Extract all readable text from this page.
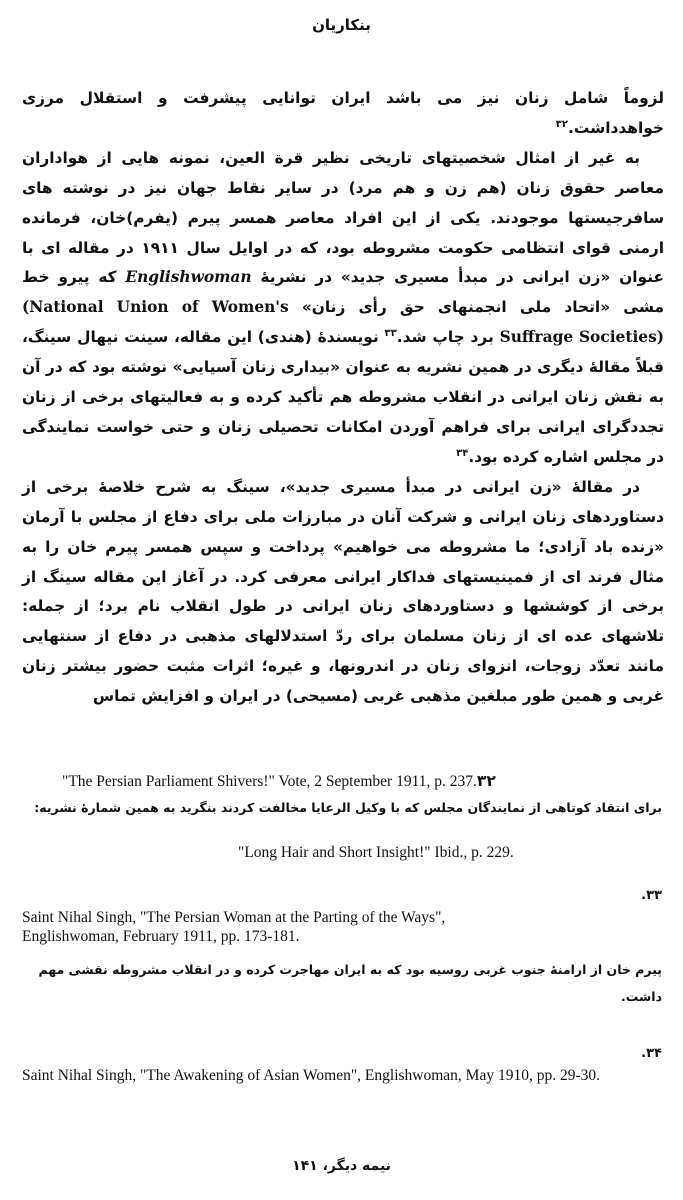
بنکاریان

لزوماً شامل زنان نیز می باشد ایران توانایی پیشرفت و استقلال مرزی خواهدداشت.$^{۳۲}$

به غیر از امثال شخصیتهای تاریخی نظیر قرة العین، نمونه هایی از هواداران معاصر حقوق زنان (هم زن و هم مرد) در سایر نقاط جهان نیز در نوشته های سافرجیستها موجودند. یکی از این افراد معاصر همسر پیرم (یفرم)خان، فرمانده ارمنی قوای انتظامی حکومت مشروطه بود، که در اوایل سال ۱۹۱۱ در مقاله ای با عنوان «زن ایرانی در مبدأ مسیری جدید» در نشریهٔ Englishwoman که پیرو خط مشی «اتحاد ملی انجمنهای حق رأی زنان» (National Union of Women's Suffrage Societies) برد چاپ شد.$^{۳۳}$ نویسندهٔ (هندی) این مقاله، سینت نیهال سینگ، قبلاً مقالهٔ دیگری در همین نشریه به عنوان «بیداری زنان آسیایی» نوشته بود که در آن به نقش زنان ایرانی در انقلاب مشروطه هم تأکید کرده و به فعالیتهای برخی از زنان تجددگرای ایرانی برای فراهم آوردن امکانات تحصیلی زنان و حتی خواست نمایندگی در مجلس اشاره کرده بود.$^{۳۴}$

در مقالهٔ «زن ایرانی در مبدأ مسیری جدید»، سینگ به شرح خلاصهٔ برخی از دستاوردهای زنان ایرانی و شرکت آنان در مبارزات ملی برای دفاع از مجلس با آرمان «زنده باد آزادی؛ ما مشروطه می خواهیم» پرداخت و سپس همسر پیرم خان را به مثال فرند ای از فمینیستهای فداکار ایرانی معرفی کرد. در آغاز این مقاله سینگ از برخی از کوششها و دستاوردهای زنان ایرانی در طول انقلاب نام برد؛ از جمله: تلاشهای عده ای از زنان مسلمان برای ردّ استدلالهای مذهبی در دفاع از سنتهایی مانند تعدّد زوجات، انزوای زنان در اندرونها، و غیره؛ اثرات مثبت حضور بیشتر زنان غربی و همین طور مبلغین مذهبی غربی (مسیحی) در ایران و افزایش تماس

"The Persian Parliament Shivers!" Vote, 2 September 1911, p. 237.۳۲
برای انتقاد کوتاهی از نمایندگان مجلس که با وکیل الرعایا مخالفت کردند بنگرید به همین شمارهٔ نشریه:
"Long Hair and Short Insight!" Ibid., p. 229.
۳۳.
Saint Nihal Singh, "The Persian Woman at the Parting of the Ways", Englishwoman, February 1911, pp. 173-181.
پیرم خان از ارامنهٔ جنوب غربی روسیه بود که به ایران مهاجرت کرده و در انقلاب مشروطه نقشی مهم داشت.
۳۴.
Saint Nihal Singh, "The Awakening of Asian Women", Englishwoman, May 1910, pp. 29-30.
نیمه دیگر، ۱۴۱
